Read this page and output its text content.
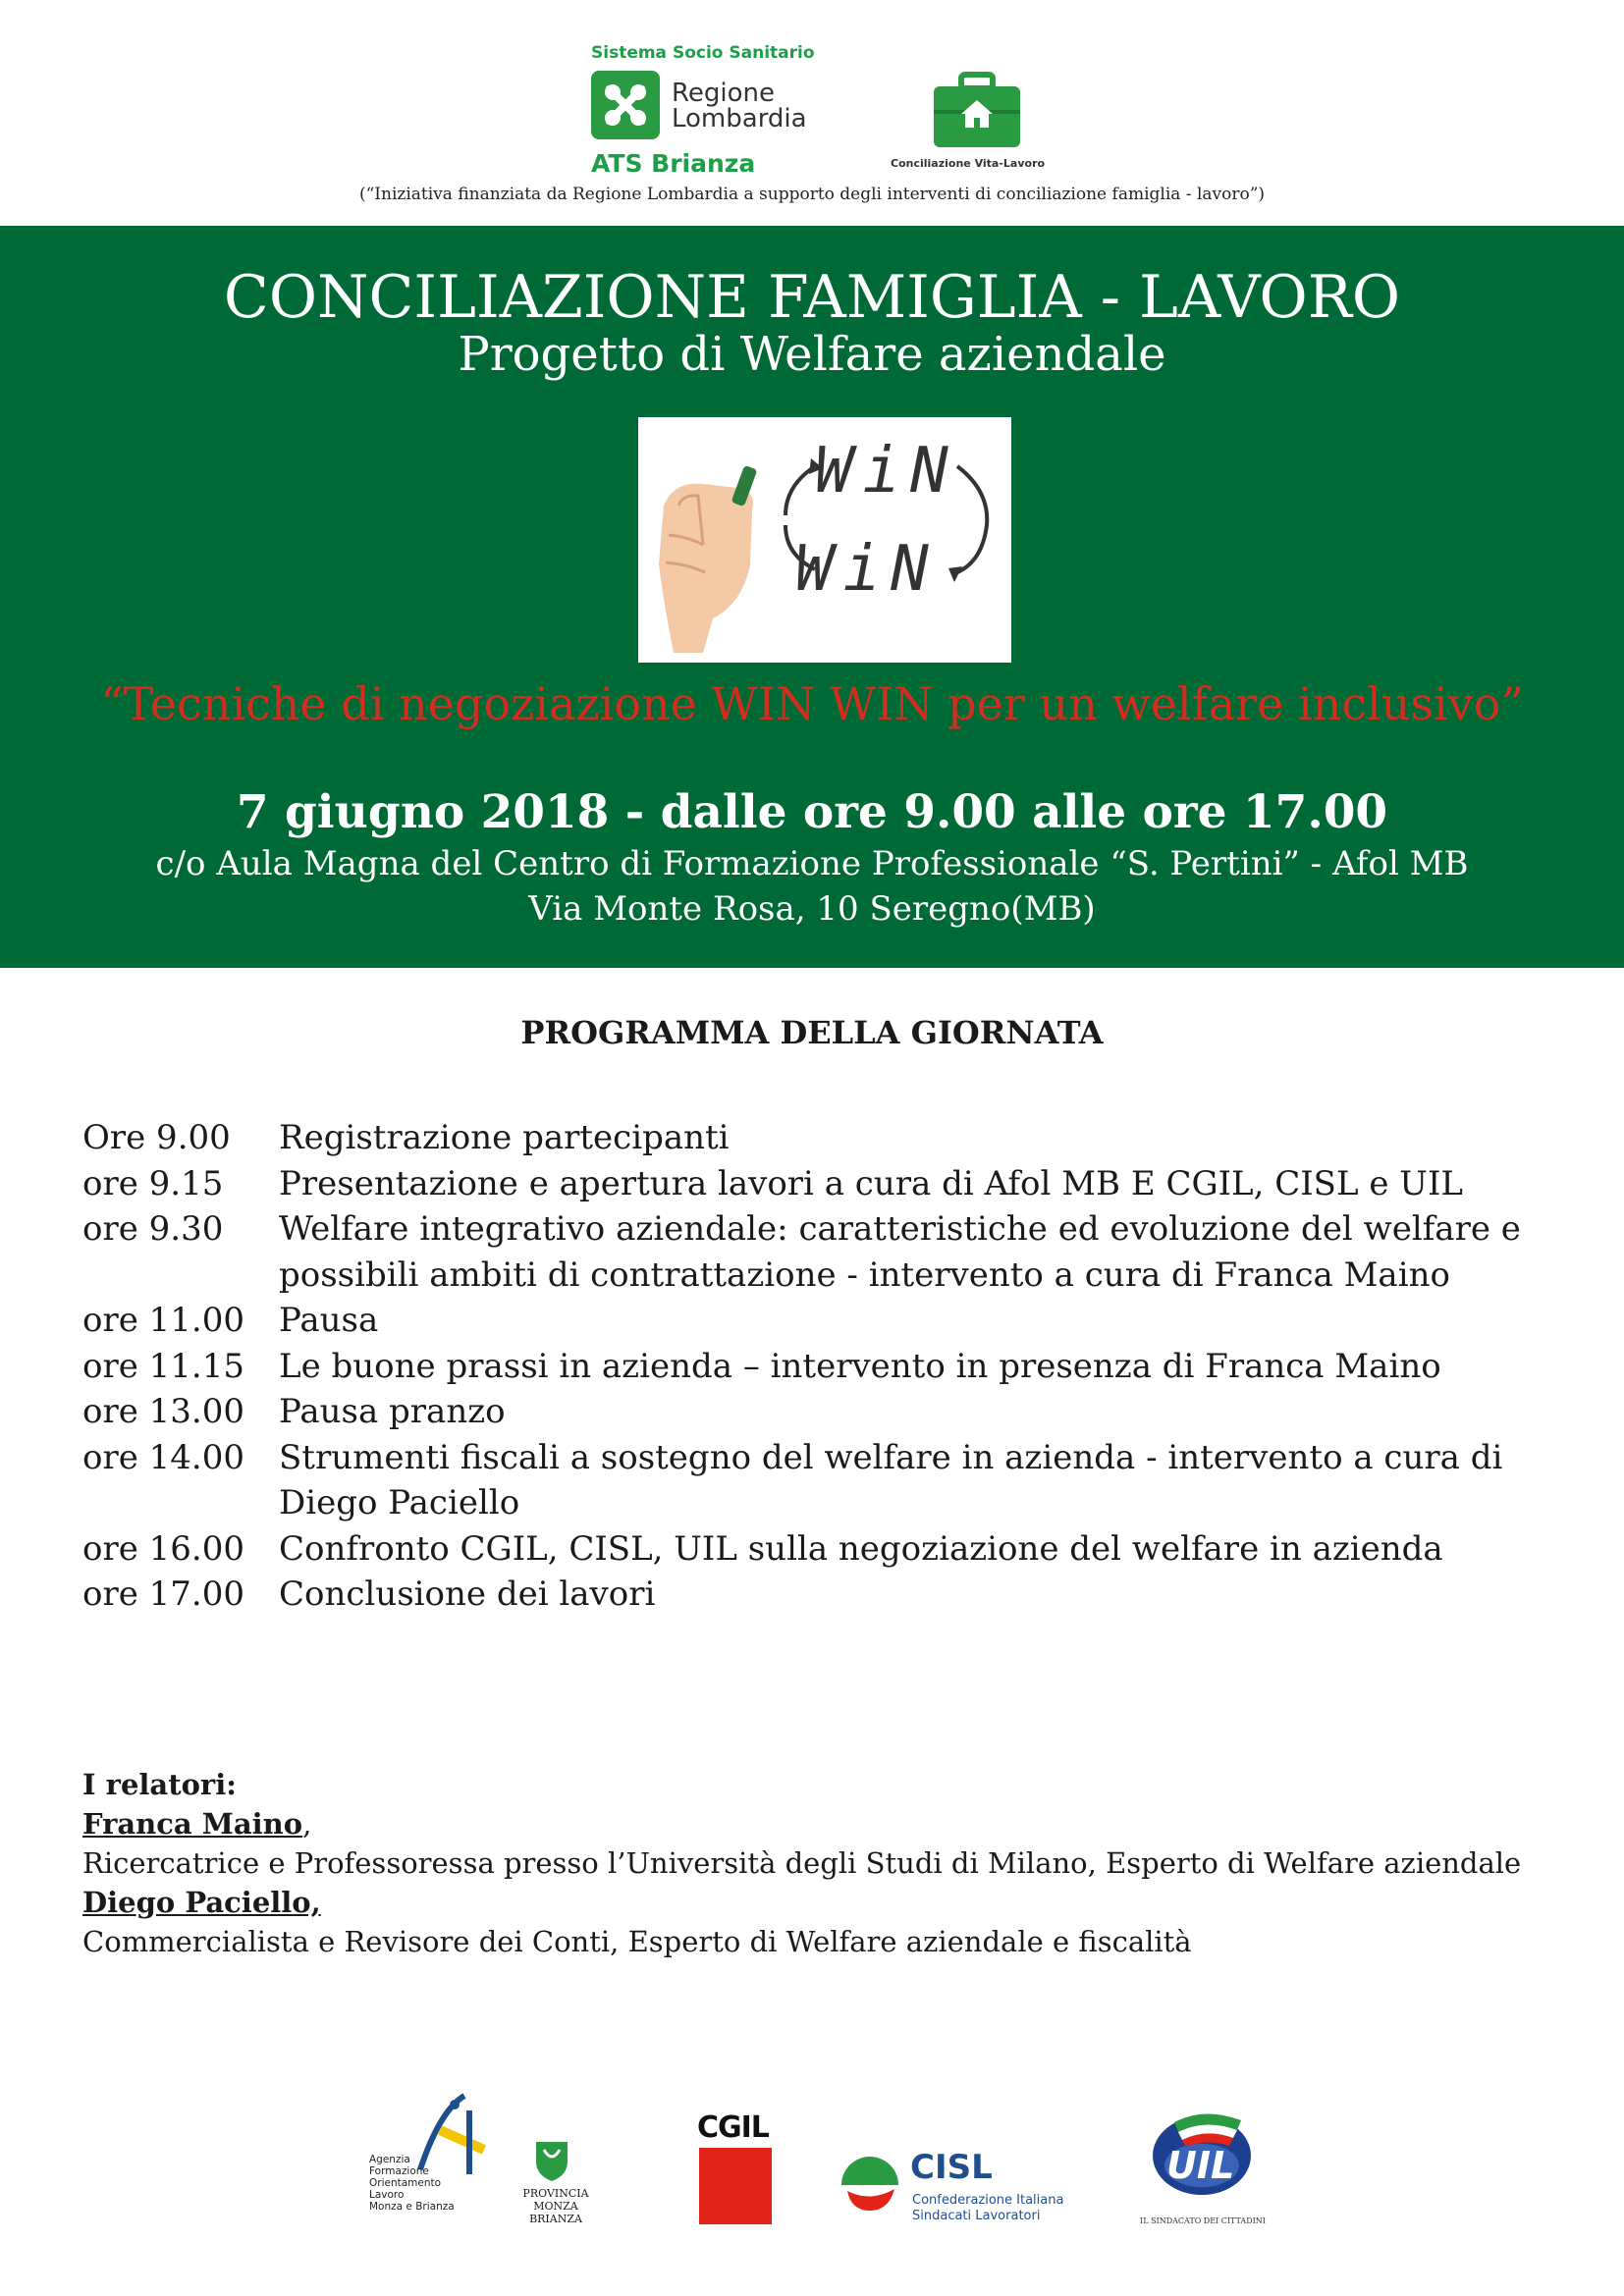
Sistema Socio Sanitario
Regione
Lombardia
ATS Brianza	Conciliazione Vita-Lavoro
(“Iniziativa finanziata da Regione Lombardia a supporto degli interventi di conciliazione famiglia - lavoro”)
CONCILIAZIONE FAMIGLIA - LAVORO
Progetto di Welfare aziendale
WiN
WiN
“Tecniche di negoziazione WIN WIN per un welfare inclusivo”
7 giugno 2018 - dalle ore 9.00 alle ore 17.00
c/o Aula Magna del Centro di Formazione Professionale “S. Pertini” - Afol MB
Via Monte Rosa, 10 Seregno(MB)
PROGRAMMA DELLA GIORNATA
Ore 9.00	Registrazione partecipanti
ore 9.15	Presentazione e apertura lavori a cura di Afol MB E CGIL, CISL e UIL
ore 9.30	Welfare integrativo aziendale: caratteristiche ed evoluzione del welfare e possibili ambiti di contrattazione - intervento a cura di Franca Maino
ore 11.00	Pausa
ore 11.15	Le buone prassi in azienda – intervento in presenza di Franca Maino
ore 13.00	Pausa pranzo
ore 14.00	Strumenti fiscali a sostegno del welfare in azienda - intervento a cura di Diego Paciello
ore 16.00	Confronto CGIL, CISL, UIL sulla negoziazione del welfare in azienda
ore 17.00	Conclusione dei lavori
I relatori:
Franca Maino,
Ricercatrice e Professoressa presso l’Università degli Studi di Milano, Esperto di Welfare aziendale
Diego Paciello,
Commercialista e Revisore dei Conti, Esperto di Welfare aziendale e fiscalità
Agenzia
Formazione
Orientamento
Lavoro
Monza e Brianza
PROVINCIA
MONZA BRIANZA
CGIL
CISL
Confederazione Italiana
Sindacati Lavoratori
UIL
IL SINDACATO DEI CITTADINI
